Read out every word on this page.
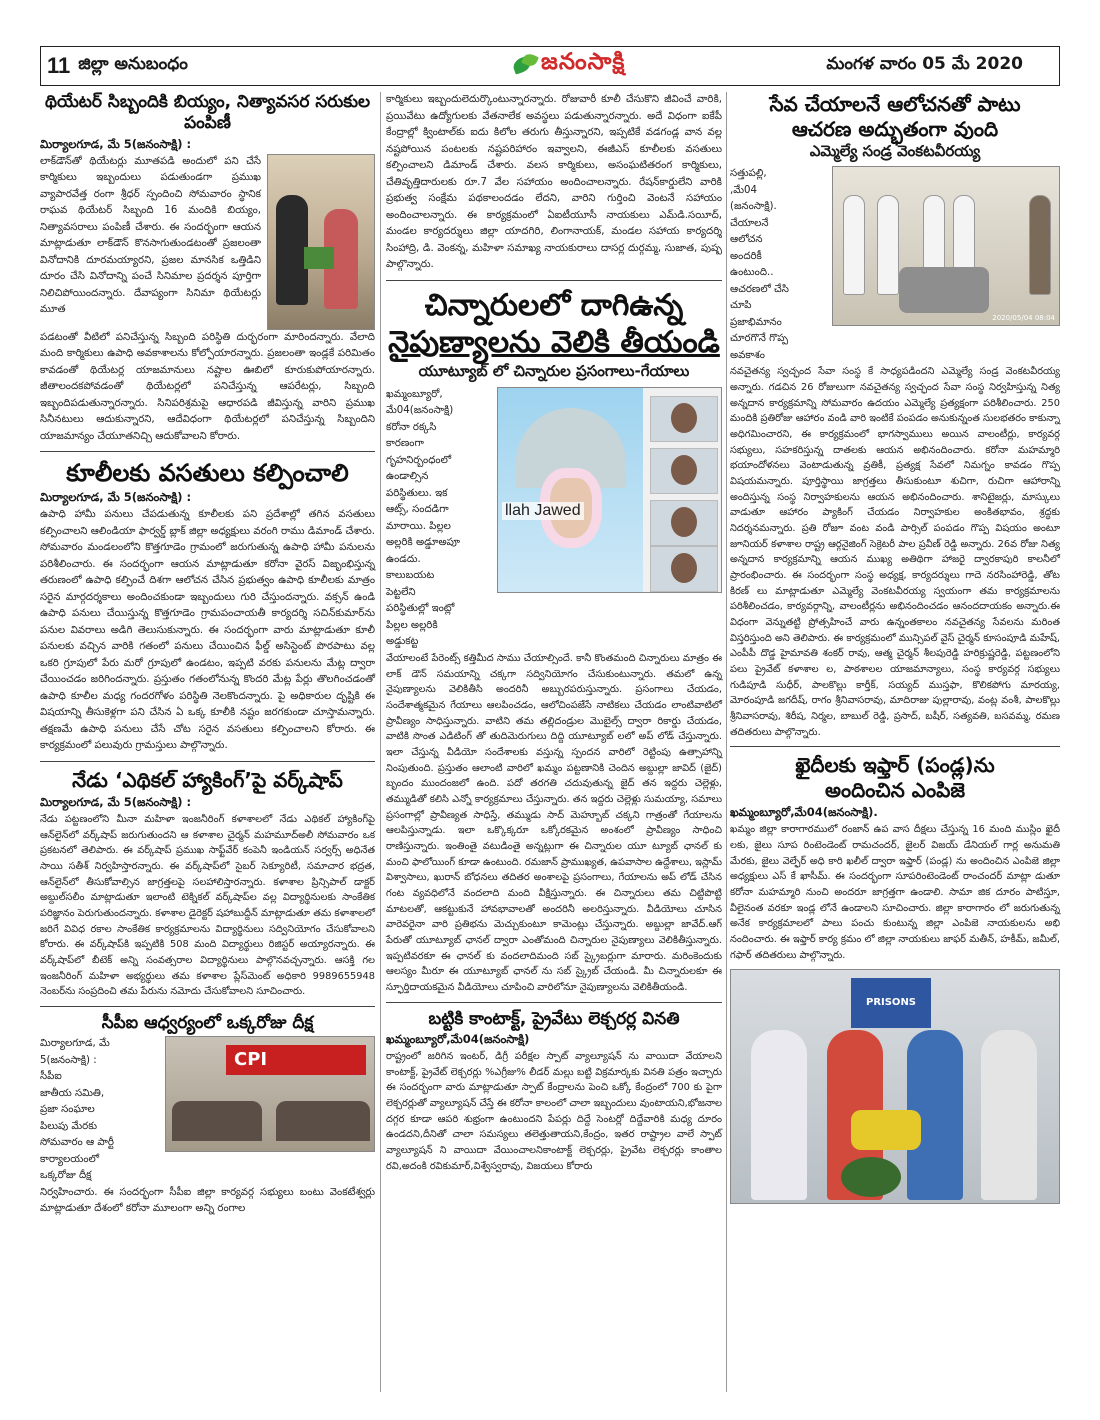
11 జిల్లా అనుబంధం	జనంసాక్షి	మంగళ వారం 05 మే 2020
థియేటర్ సిబ్బందికి బియ్యం, నిత్యావసర సరుకుల పంపిణీ
మిర్యాలగూడ, మే 5(జనంసాక్షి) :
లాక్‌డౌన్‌తో థియేటర్లు మూతపడి అందులో పని చేసే కార్మికులు ఇబ్బందులు పడుతుండగా ప్రముఖ వ్యాపారవేత్త రంగా శ్రీధర్ స్పందించి సోమవారం స్థానిక రాఘవ థియేటర్ సిబ్బంది 16 మందికి బియ్యం, నిత్యావసరాలు పంపిణీ చేశారు. ఈ సందర్భంగా ఆయన మాట్లాడుతూ లాక్‌డౌన్ కొనసాగుతుండటంతో ప్రజలంతా వినోదానికి దూరమయ్యారని, ప్రజల మానసిక ఒత్తిడిని దూరం చేసి వినోదాన్ని పంచే సినిమాల ప్రదర్శన పూర్తిగా నిలిచిపోయిందన్నారు. దేవాప్యంగా సినిమా థియేటర్లు మూత
పడటంతో వీటిలో పనిచేస్తున్న సిబ్బంది పరిస్థితి దుర్భరంగా మారిందన్నారు. వేలాది మంది కార్మికులు ఉపాధి అవకాశాలను కోల్పోయారన్నారు. ప్రజలంతా ఇండ్లకే పరిమితం కావడంతో థియేటర్ల యాజమానులు నష్టాల ఊబిలో కూరుకుపోయారన్నారు. జీతాలందకపోవడంతో థియేటర్లలో పనిచేస్తున్న ఆపరేటర్లు, సిబ్బంది ఇబ్బందిపడుతున్నారన్నారు. సినిపరిశ్రమపై ఆధారపడి జీవిస్తున్న వారిని ప్రముఖ సినీనటులు ఆదుకున్నారని, ఆదేవిధంగా థియేటర్లలో పనిచేస్తున్న సిబ్బందిని యాజమాన్యం చేయూతనిచ్చి ఆదుకోవాలని కోరారు.
కూలీలకు వసతులు కల్పించాలి
మిర్యాలగూడ, మే 5(జనంసాక్షి) :
ఉపాధి హామీ పనులు చేపడుతున్న కూలీలకు పని ప్రదేశాల్లో తగిన వసతులు కల్పించాలని ఆలిండియా ఫార్వర్డ్ బ్లాక్ జిల్లా అధ్యక్షులు వరంగి రాము డిమాండ్ చేశారు. సోమవారం మండలంలోని కొత్తగూడెం గ్రామంలో జరుగుతున్న ఉపాధి హామీ పనులను పరిశీలించారు. ఈ సందర్భంగా ఆయన మాట్లాడుతూ కరోనా వైరస్ విజృంభిస్తున్న తరుణంలో ఉపాధి కల్పించే దిశగా ఆలోచన చేసిన ప్రభుత్వం ఉపాధి కూలీలకు మాత్రం సరైన మార్గదర్శకాలు అందించకుండా ఇబ్బందులు గురి చేస్తుందన్నారు. వక్సన్ ఉండి ఉపాధి పనులు చేయిస్తున్న కొత్తగూడెం గ్రామపంచాయతీ కార్యదర్శి సచిన్‌కుమార్‌ను పనుల వివరాలు అడిగి తెలుసుకున్నారు. ఈ సందర్భంగా వారు మాట్లాడుతూ కూలీ పనులకు వచ్చిన వారికి గతంలో పనులు చేయించిన ఫీల్డ్ అసిస్టెంట్ పొరపాటు వల్ల ఒకరి గ్రూపులో పేరు మరో గ్రూపులో ఉండటం, ఇప్పటి వరకు పనులను మేట్ల ద్వారా చేయించడం జరిగిందన్నారు. ప్రస్తుతం గతంలోనున్న కొందరి మేట్ల పేర్లు తొలగించడంతో ఉపాధి కూలీల మధ్య గందరగోళం పరిస్థితి నెలకొందన్నారు. పై అధికారుల దృష్టికి ఈ విషయాన్ని తీసుకెళ్లగా పని చేసిన ఏ ఒక్క కూలీకి నష్టం జరగకుండా చూస్తామన్నారు. తక్షణమే ఉపాధి పనులు చేసే చోట సరైన వసతులు కల్పించాలని కోరారు. ఈ కార్యక్రమంలో పలువురు గ్రామస్తులు పాల్గొన్నారు.
నేడు ‘ఎథికల్ హ్యాకింగ్‌’పై వర్క్‌షాప్
మిర్యాలగూడ, మే 5(జనంసాక్షి) :
నేడు పట్టణంలోని మీనా మహిళా ఇంజనీరింగ్ కళాశాలలో నేడు ఎథికల్ హ్యాకింగ్‌పై ఆన్‌లైన్‌లో వర్క్‌షాప్ జరుగుతుందని ఆ కళాశాల చైర్మన్ మహమూద్‌అలీ సోమవారం ఒక ప్రకటనలో తెలిపారు. ఈ వర్క్‌షాప్ ప్రముఖ సాఫ్ట్‌వేర్ కంపెనీ ఇండియన్ సర్వర్స్ అధినేత సాయి సతీశ్ నిర్వహిస్తారన్నారు. ఈ వర్క్‌షాప్‌లో సైబర్ సెక్యూరిటీ, సమాచార భద్రత, ఆన్‌లైన్‌లో తీసుకోవాల్సిన జాగ్రత్తలపై సలహాలిస్తారన్నారు. కళాశాల ప్రిన్సిపాల్ డాక్టర్ అబ్దుల్‌సలీం మాట్లాడుతూ ఇలాంటి టెక్నికల్ వర్క్‌షాప్‌ల వల్ల విద్యార్థినులకు సాంకేతిక పరిజ్ఞానం పెరుగుతుందన్నారు. కళాశాల డైరెక్టర్ షహాబుద్దీన్ మాట్లాడుతూ తమ కళాశాలలో జరిగే వివిధ రకాల సాంకేతిక కార్యక్రమాలను విద్యార్థినులు సద్వినియోగం చేసుకోవాలని కోరారు. ఈ వర్క్‌షాప్‌కి ఇప్పటికి 508 మంది విద్యార్థులు రిజిస్టర్ అయ్యారన్నారు. ఈ వర్క్‌షాప్‌లో బీటెక్ అన్ని సంవత్సరాల విద్యార్థినులు పాల్గొనవచ్చన్నారు. ఆసక్తి గల ఇంజనీరింగ్ మహిళా అభ్యర్థులు తమ కళాశాల ప్లేస్‌మెంట్ అధికారి 9989655948 నెంబర్‌ను సంప్రదించి తమ పేరును నమోదు చేసుకోవాలని సూచించారు.
సీపీఐ ఆధ్వర్యంలో ఒక్కరోజు దీక్ష
మిర్యాలగూడ, మే
5(జనంసాక్షి) :
సీపీఐ
జాతీయ సమితి,
ప్రజా సంఘాల
పిలుపు మేరకు
సోమవారం ఆ పార్టీ
కార్యాలయంలో
ఒక్కరోజు దీక్ష
CPI
నిర్వహించారు. ఈ సందర్భంగా సీపీఐ జిల్లా కార్యవర్గ సభ్యులు బంటు వెంకటేశ్వర్లు మాట్లాడుతూ దేశంలో కరోనా మూలంగా అన్ని రంగాల
కార్మికులు ఇబ్బందులెదుర్కొంటున్నారన్నారు. రోజువారీ కూలీ చేసుకొని జీవించే వారికి, ప్రయివేటు ఉద్యోగులకు వేతనాలేక అవస్థలు పడుతున్నారన్నారు. అదే విధంగా ఐకేపీ కేంద్రాల్లో క్వింటాల్‌కు ఐదు కిలోల తరుగు తీస్తున్నారని, ఇప్పటికే వడగండ్ల వాన వల్ల నష్టపోయిన పంటలకు నష్టపరిహారం ఇవ్వాలని, ఈజీఎస్ కూలీలకు వసతులు కల్పించాలని డిమాండ్ చేశారు. వలస కార్మికులు, అసంఘటితరంగ కార్మికులు, చేతివృత్తిదారులకు రూ.7 వేల సహాయం అందించాలన్నారు. రేషన్‌కార్డులేని వారికి ప్రభుత్వ సంక్షేమ పథకాలందడం లేదని, వారిని గుర్తించి వెంటనే సహాయం అందించాలన్నారు. ఈ కార్యక్రమంలో ఏఐటీయూసీ నాయకులు ఎమ్‌డి.సయీద్, మండల కార్యదర్శులు జిల్లా యాదగిరి, లింగానాయక్, మండల సహాయ కార్యదర్శి సింహాద్రి, డి. వెంకన్న, మహిళా సమాఖ్య నాయకురాలు దాసర్ల దుర్గమ్మ, సుజాత, పుష్ప పాల్గొన్నారు.
చిన్నారులలో దాగిఉన్న
నైపుణ్యాలను వెలికి తీయండి
యూట్యూబ్ లో చిన్నారుల ప్రసంగాలు-గేయాలు
ఖమ్మంబ్యూరో,
మే04(జనంసాక్షి)
కరోనా రక్కసి
కారణంగా
గృహనిర్బంధంలో
ఉండాల్సిన
పరిస్థితులు. ఇక
ఆట్స్, సందడిగా
మారాయి. పిల్లల
అల్లరికి అడ్డూఅపూ
ఉండదు.
కాలుబయట
పెట్టలేని
పరిస్థితుల్లో ఇంట్లో
పిల్లల అల్లరికి
అడ్డుకట్ట
llah Jawed
వేయాలంటే పేరెంట్స్ కత్తిమీద సాము చేయాల్సిందే. కానీ కొంతమంది చిన్నారులు మాత్రం ఈ లాక్ డౌన్ సమయాన్ని చక్కగా సద్వినియోగం చేసుకుంటున్నారు. తమలో ఉన్న నైపుణ్యాలను వెలికితీసి అందరినీ అబ్బురపరుస్తున్నారు. ప్రసంగాలు చేయడం, సందేశాత్మకమైన గేయాలు ఆలపించడం, ఆలోచింపజేసే నాటికలు చేయడం లాంటివాటిలో ప్రావీణ్యం సాధిస్తున్నారు. వాటిని తమ తల్లిదండ్రుల మొబైల్స్ ద్వారా రికార్డు చేయడం, వాటికి సొంత ఎడిటింగ్ తో తుదిమెరుగులు దిద్ది యూట్యూబ్ లలో అప్ లోడ్ చేస్తున్నారు. ఇలా చేస్తున్న వీడియో సందేశాలకు వస్తున్న స్పందన వారిలో రెట్టింపు ఉత్సాహాన్ని నింపుతుంది. ప్రస్తుతం ఆలాంటి వారిలో ఖమ్మం పట్టణానికి చెందిన అబ్దుల్లా జావిద్ (జైద్) బృందం ముందంజలో ఉంది. పదో తరగతి చదువుతున్న జైద్ తన ఇద్దరు చెల్లెళ్లు, తమ్ముడితో కలిసి ఎన్నో కార్యక్రమాలు చేస్తున్నారు. తన ఇద్దరు చెల్లెళ్లు సుమయ్యా, సమాలు ప్రసంగాల్లో ప్రావీణ్యత సాధిస్తే, తమ్ముడు సాద్ మెహ్బూబ్ చక్కని గాత్రంతో గేయాలను ఆలపిస్తున్నాడు. ఇలా ఒక్కొక్కరూ ఒక్కోరకమైన అంశంలో ప్రావీణ్యం సాధించి రాణిస్తున్నారు. ఇంతింతై వటుడింతై అన్నట్లుగా ఈ చిన్నారుల యూ ట్యూబ్ ఛానల్ కు మంచి ఫాలోయింగ్ కూడా ఉంటుంది. రమజాన్ ప్రాముఖ్యత, ఉపవాసాల ఉద్దేశాలు, ఇస్లామ్ విశ్వాసాలు, ఖురాన్ బోధనలు తదితర అంశాలపై ప్రసంగాలు, గేయాలను అప్ లోడ్ చేసిన గంట వ్యవధిలోనే వందలాది మంది వీక్షిస్తున్నారు. ఈ చిన్నారులు తమ చిట్టిపొట్టి మాటలతో, ఆకట్టుకునే హావభావాలతో అందరినీ అలరిస్తున్నారు. వీడియోలు చూసిన వారెవరైనా వారి ప్రతిభను మెచ్చుకుంటూ కామెంట్లు చేస్తున్నారు. అబ్దుల్లా జావేద్.ఆగ్ పేరుతో యూట్యూబ్ ఛానల్ ద్వారా ఎంతోమంది చిన్నారుల నైపుణ్యాలు వెలికితీస్తున్నారు. ఇప్పటివరకూ ఈ ఛానల్ కు వందలాదిమంది సబ్ స్క్రైబర్లుగా మారారు. మరింకెందుకు ఆలస్యం మీరూ ఈ యూట్యూబ్ ఛానల్ ను సబ్ స్క్రైబ్ చేయండి. మీ చిన్నారులకూ ఈ స్ఫూర్తిదాయకమైన వీడియోలు చూపించి వారిలోనూ నైపుణ్యాలను వెలికితీయండి.
బట్టికి కాంటాక్ట్, ప్రైవేటు లెక్చరర్ల వినతి
ఖమ్మంబ్యూరో,మే04(జనంసాక్షి)
రాష్ట్రంలో జరిగిన ఇంటర్, డిగ్రీ పరీక్షల స్పాట్ వ్యాల్యూషన్ ను వాయిదా వేయాలని కాంటాక్ట్, ప్రైవేట్ లెక్చరర్లు %ఎగ్రీజు% లీడర్ మల్లు బట్టి విక్రమార్కకు వినతి పత్రం ఇచ్చారు ఈ సందర్భంగా వారు మాట్లాడుతూ స్పాట్ కేంద్రాలను పెంచి ఒక్కో కేంద్రంలో 700 కు పైగా లెక్చరర్లుతో వ్యాల్యూషన్ చేస్తే ఈ కరోనా కాలంలో చాలా ఇబ్బందులు వుంటాయని,భోజనాల దగ్గర కూడా ఆపరి శుభ్రంగా ఉంటుందని పేపర్లు దిద్దే సెంటర్లో దిద్దేవారికి మధ్య దూరం ఉండదని,దీనితో చాలా సమస్యలు తలెత్తుతాయని,కేంద్రం, ఇతర రాష్ట్రాల వాలే స్పాట్ వ్యాల్యూషన్ ని వాయిదా వేయించాలనికాంటాక్ట్ లెక్చరర్లు, ప్రైవేట లెక్చరర్లు కాంతాల రవి,అదంకి రవికుమార్,విశ్వేస్వరావు, విజయలు కోరారు
సేవ చేయాలనే ఆలోచనతో పాటు
ఆచరణ అద్భుతంగా వుంది
ఎమ్మెల్యే సండ్ర వెంకటవీరయ్య
సత్తుపల్లి,
,మే04
(జనంసాక్షి).
చేయాలనే
ఆలోచన
అందరికీ
ఉంటుంది..
ఆచరణలో చేసి
చూపి
ప్రజాభిమానం
చూరగొనే గొప్ప
అవకాశం
2020/05/04 08:04
నవచైతన్య స్వచ్ఛంద సేవా సంస్థ కే సాధ్యపడిందని ఎమ్మెల్యే సండ్ర వెంకటవీరయ్య అన్నారు. గడచిన 26 రోజులుగా నవచైతన్య స్వచ్ఛంద సేవా సంస్థ నిర్వహిస్తున్న నిత్య అన్నదాన కార్యక్రమాన్ని సోమవారం ఉదయం ఎమ్మెల్యే ప్రత్యక్షంగా పరిశీలించారు. 250 మందికి ప్రతిరోజు ఆహారం వండి వారి ఇంటికే పంపడం అనుకున్నంత సులభతరం కాకున్నా అధిగమించారని, ఈ కార్యక్రమంలో భాగస్వాములు అయిన వాలంటీర్లు, కార్యవర్గ సభ్యులు, సహకరిస్తున్న దాతలకు ఆయన అభినందించారు. కరోనా మహమ్మారి భయాందోళనలు వెంటాడుతున్న వ్రతికీ, ప్రత్యక్ష సేవలో నిమగ్నం కావడం గొప్ప విషయమన్నారు. పూర్తిస్థాయి జాగ్రత్తలు తీసుకుంటూ శుచిగా, రుచిగా ఆహారాన్ని అందిస్తున్న సంస్థ నిర్వాహకులను ఆయన అభినందించారు. శానిటైజర్లు, మాస్కులు వాడుతూ ఆహారం ప్యాకింగ్ చేయడం నిర్వాహకుల అంకితభావం, శ్రద్ధకు నిదర్శనమన్నారు. ప్రతి రోజూ వంట వండి పార్సిల్ పంపడం గొప్ప విషయం అంటూ జూనియర్ కళాశాల రాష్ట్ర ఆర్గనైజింగ్ సెక్రెటరీ పాల ప్రవీణ్ రెడ్డి అన్నారు. 26వ రోజు నిత్య అన్నదాన కార్యక్రమాన్ని ఆయన ముఖ్య అతిథిగా హాజరై ద్వారకాపురి కాలనీలో ప్రారంభించారు. ఈ సందర్భంగా సంస్థ అధ్యక్ష, కార్యదర్శులు గాదె నరసింహారెడ్డి, తోట కిరణ్ లు మాట్లాడుతూ ఎమ్మెల్యే వెంకటవీరయ్య స్వయంగా తమ కార్యక్రమాలను పరిశీలించడం, కార్యవర్గాన్ని, వాలంటీర్లను అభినందించడం ఆనందదాయకం అన్నారు.ఈ విధంగా వెన్నుతట్టి ప్రోత్సహించే వారు ఉన్నంతకాలం నవచైతన్య సేవలను మరింత విస్తరిస్తుంది అని తెలిపారు. ఈ కార్యక్రమంలో మున్సిపల్ వైస్ చైర్మన్ కూసంపూడి మహేష్, ఎంపీపీ దొడ్డ హైమావతి శంకర్ రావు, ఆత్మ చైర్మన్ శీలపురెడ్డి హరిక్రుష్ణరెడ్డి, పట్టణంలోని పలు ప్రైవేట్ కళాశాల ల, పాఠశాలల యాజమాన్యాలు, సంస్థ కార్యవర్గ సభ్యులు గుడిపూడి సుధీర్, పాలకొల్లు కార్తీక్, సయ్యద్ ముస్తఫా, కొలికపోగు మారయ్య, మోరంపూడి జగదీష్, రాగం శ్రీనివాసరావు, మాదిరాజు పుల్లారావు, వంట్ల వంశీ, పాలకొల్లు శ్రీనివాసరావు, శిరీష, నిర్మల, బాబుల్ రెడ్డి, ప్రసాద్, బషీర్, సత్యవతి, బసవమ్మ, రమణ తదితరులు పాల్గొన్నారు.
ఖైదీలకు ఇఫ్తార్ (పండ్ల)ను
అందించిన ఎంపిజె
ఖమ్మంబ్యూరో,మే04(జనంసాక్షి).
ఖమ్మం జిల్లా కారాగారములో రంజాన్ ఉప వాస దీక్షలు చేస్తున్న 16 మంది ముస్లిం ఖైదీ లకు, జైలు సూప రింటెండెంట్ రామచందర్, జైలర్ విజయ్ డేనియల్ గార్ల అనుమతి మేరకు, జైలు వెల్ఫేర్ అధి కారి ఖలీల్ ద్వారా ఇఫ్తార్ (పండ్ల) ను అందించిన ఎంపిజె జిల్లా అధ్యక్షులు ఎస్ కే ఖాసీమ్. ఈ సందర్భంగా సూపరింటెండెంట్ రాంచందర్ మాట్లా డుతూ కరోనా మహమ్మారి నుంచి అందరూ జాగ్రత్తగా ఉండాలి. సామా జిక దూరం పాటిస్తూ, వీలైనంత వరకూ ఇండ్ల లోనే ఉండాలని సూచించారు. జిల్లా కారాగారం లో జరుగుతున్న అనేక కార్యక్రమాలలో పాలు పంచు కుంటున్న జిల్లా ఎంపిజె నాయకులను అభి నందించారు. ఈ ఇఫ్తార్ కార్య క్రమం లో జిల్లా నాయకులు జాఫర్ మతీన్, హకీమ్, జమీల్, గఫార్ తదితరులు పాల్గొన్నారు.
PRISONS
